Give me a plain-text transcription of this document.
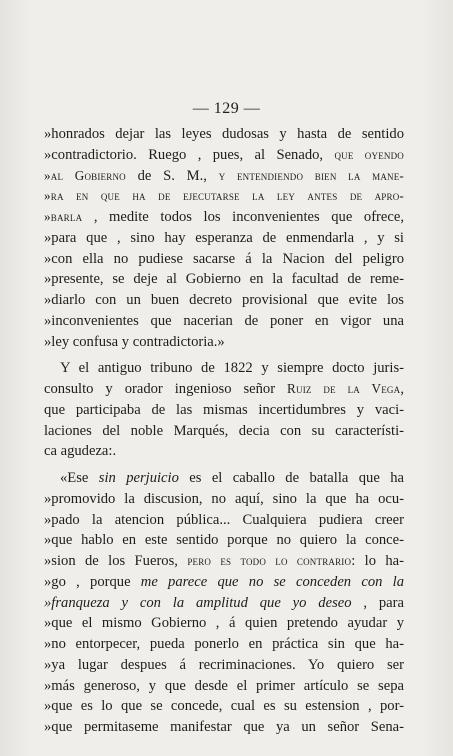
— 129 —
»honrados dejar las leyes dudosas y hasta de sentido
»contradictorio. Ruego , pues, al Senado, que oyendo
»al Gobierno de S. M., y entendiendo bien la mane-
»ra en que ha de ejecutarse la ley antes de apro-
»barla , medite todos los inconvenientes que ofrece,
»para que , sino hay esperanza de enmendarla , y si
»con ella no pudiese sacarse á la Nacion del peligro
»presente, se deje al Gobierno en la facultad de reme-
»diarlo con un buen decreto provisional que evite los
»inconvenientes que nacerian de poner en vigor una
»ley confusa y contradictoria.»
Y el antiguo tribuno de 1822 y siempre docto juris-
consulto y orador ingenioso señor Ruiz de la Vega,
que participaba de las mismas incertidumbres y vaci-
laciones del noble Marqués, decia con su característi-
ca agudeza:.
«Ese sin perjuicio es el caballo de batalla que ha
»promovido la discusion, no aquí, sino la que ha ocu-
»pado la atencion pública... Cualquiera pudiera creer
»que hablo en este sentido porque no quiero la conce-
»sion de los Fueros, pero es todo lo contrario: lo ha-
»go , porque me parece que no se conceden con la
»franqueza y con la amplitud que yo deseo , para
»que el mismo Gobierno , á quien pretendo ayudar y
»no entorpecer, pueda ponerlo en práctica sin que ha-
»ya lugar despues á recriminaciones. Yo quiero ser
»más generoso, y que desde el primer artículo se sepa
»que es lo que se concede, cual es su estension , por-
»que permitaseme manifestar que ya un señor Sena-
